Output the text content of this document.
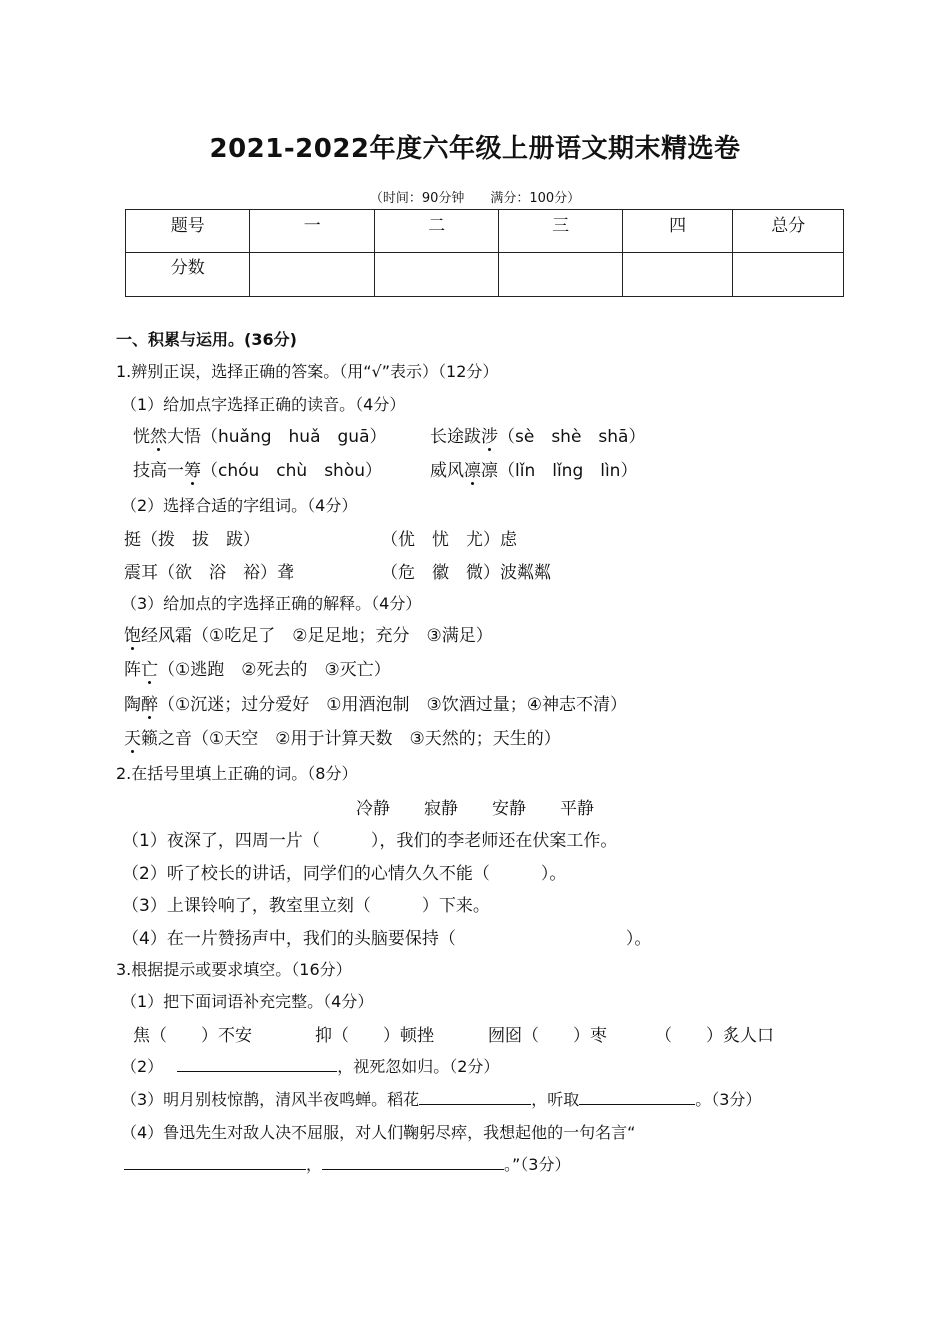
2021-2022年度六年级上册语文期末精选卷
（时间：90分钟 满分：100分）
题号	一	二	三	四	总分
分数					
一、积累与运用。(36分)
1.辨别正误，选择正确的答案。（用“√”表示）（12分）
（1）给加点字选择正确的读音。（4分）
恍然大悟（huǎng　huǎ　guā）	长途跋涉（sè　shè　shā）
技高一筹（chóu　chù　shòu）	威风凛凛（lǐn　lǐng　lìn）
（2）选择合适的字组词。（4分）
挺（拨　拔　跋）	（优　忧　尤）虑
震耳（欲　浴　裕）聋	（危　徽　微）波粼粼
（3）给加点的字选择正确的解释。（4分）
饱经风霜（①吃足了　②足足地；充分　③满足）
阵亡（①逃跑　②死去的　③灭亡）
陶醉（①沉迷；过分爱好　①用酒泡制　③饮酒过量；④神志不清）
天籁之音（①天空　②用于计算天数　③天然的；天生的）
2.在括号里填上正确的词。（8分）
冷静 寂静 安静 平静
（1）夜深了，四周一片（　　　），我们的李老师还在伏案工作。
（2）听了校长的讲话，同学们的心情久久不能（　　　）。
（3）上课铃响了，教室里立刻（　　　）下来。
（4）在一片赞扬声中，我们的头脑要保持（　　　　　　　　　　）。
3.根据提示或要求填空。（16分）
（1）把下面词语补充完整。（4分）
焦（　　）不安	抑（　　）顿挫	囫囵（　　）枣	（　　）炙人口
（2）	，视死忽如归。（2分）
（3）明月别枝惊鹊，清风半夜鸣蝉。稻花	，听取	。（3分）
（4）鲁迅先生对敌人决不屈服，对人们鞠躬尽瘁，我想起他的一句名言“
，	。”（3分）
